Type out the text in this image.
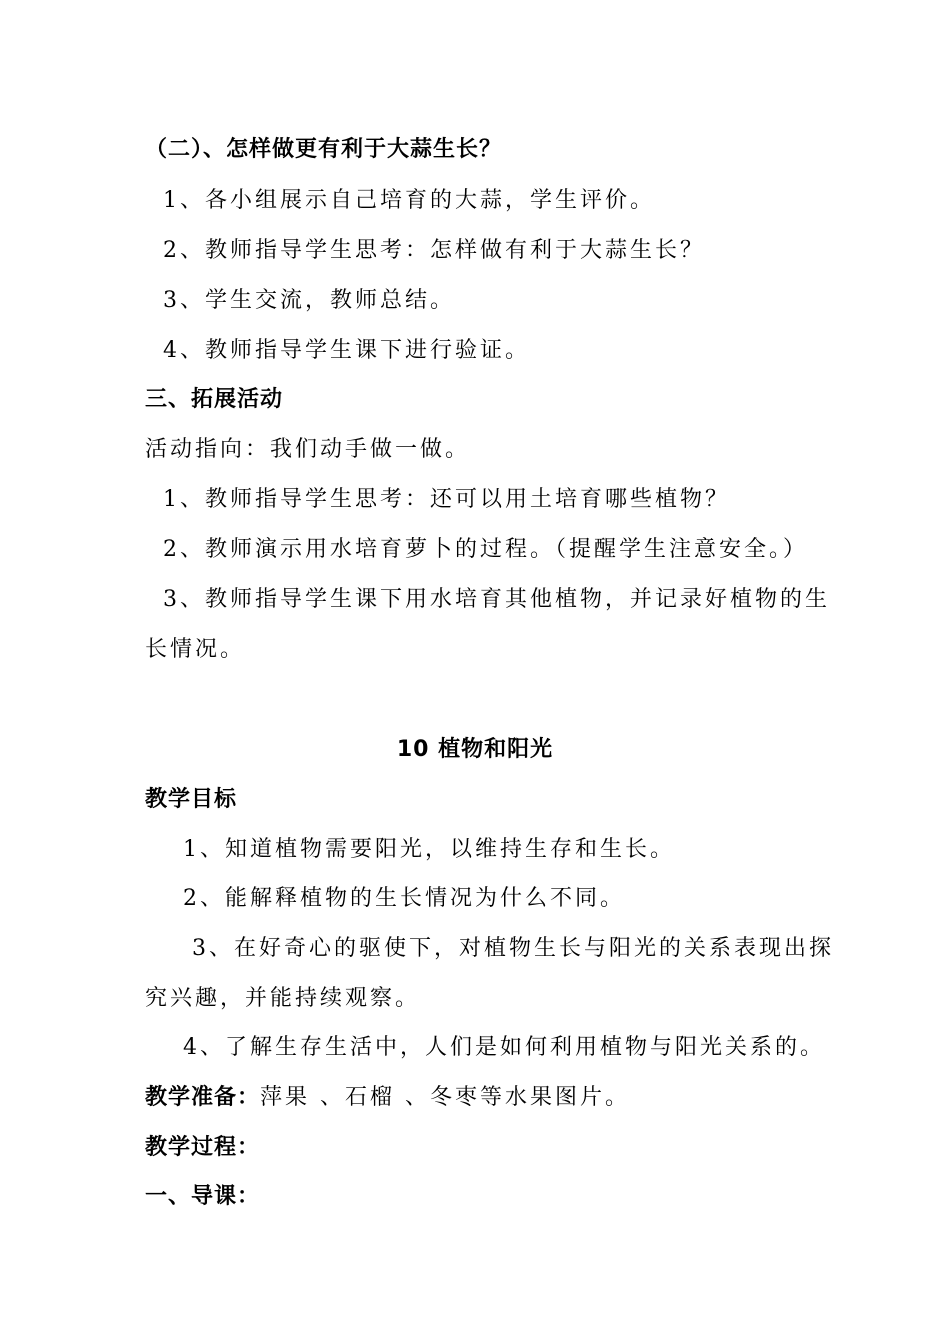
（二）、怎样做更有利于大蒜生长？
1、各小组展示自己培育的大蒜，学生评价。
2、教师指导学生思考：怎样做有利于大蒜生长？
3、学生交流，教师总结。
4、教师指导学生课下进行验证。
三、拓展活动
活动指向：我们动手做一做。
1、教师指导学生思考：还可以用土培育哪些植物？
2、教师演示用水培育萝卜的过程。（提醒学生注意安全。）
3、教师指导学生课下用水培育其他植物，并记录好植物的生
长情况。
10 植物和阳光
教学目标
1、知道植物需要阳光，以维持生存和生长。
2、能解释植物的生长情况为什么不同。
3、在好奇心的驱使下，对植物生长与阳光的关系表现出探
究兴趣，并能持续观察。
4、了解生存生活中，人们是如何利用植物与阳光关系的。
教学准备：萍果 、石榴 、冬枣等水果图片。
教学过程：
一、导课：
